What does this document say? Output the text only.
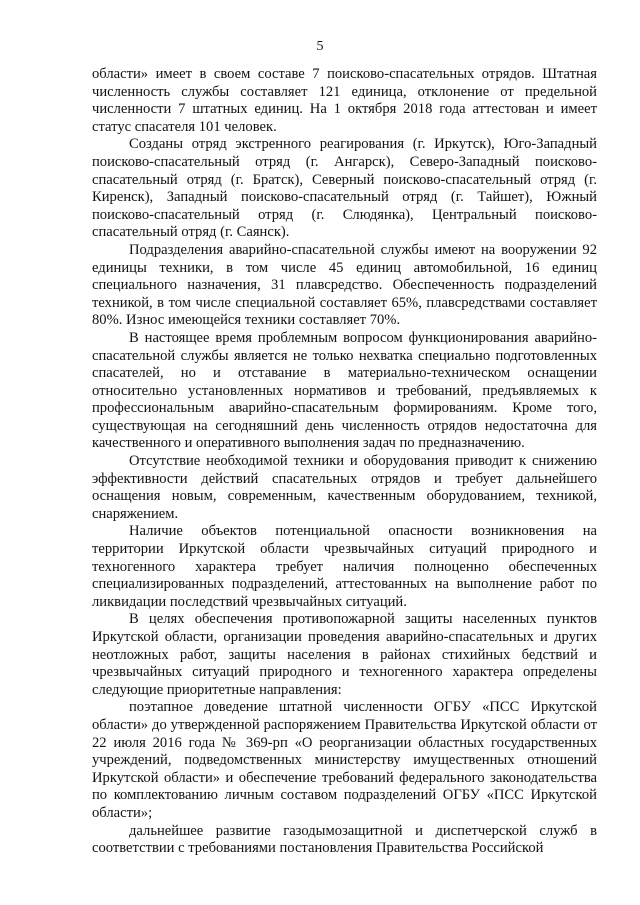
5

области» имеет в своем составе 7 поисково-спасательных отрядов. Штатная численность службы составляет 121 единица, отклонение от предельной численности 7 штатных единиц. На 1 октября 2018 года аттестован и имеет статус спасателя 101 человек.

Созданы отряд экстренного реагирования (г. Иркутск), Юго-Западный поисково-спасательный отряд (г. Ангарск), Северо-Западный поисково-спасательный отряд (г. Братск), Северный поисково-спасательный отряд (г. Киренск), Западный поисково-спасательный отряд (г. Тайшет), Южный поисково-спасательный отряд (г. Слюдянка), Центральный поисково-спасательный отряд (г. Саянск).

Подразделения аварийно-спасательной службы имеют на вооружении 92 единицы техники, в том числе 45 единиц автомобильной, 16 единиц специального назначения, 31 плавсредство. Обеспеченность подразделений техникой, в том числе специальной составляет 65%, плавсредствами составляет 80%. Износ имеющейся техники составляет 70%.

В настоящее время проблемным вопросом функционирования аварийно-спасательной службы является не только нехватка специально подготовленных спасателей, но и отставание в материально-техническом оснащении относительно установленных нормативов и требований, предъявляемых к профессиональным аварийно-спасательным формированиям. Кроме того, существующая на сегодняшний день численность отрядов недостаточна для качественного и оперативного выполнения задач по предназначению.

Отсутствие необходимой техники и оборудования приводит к снижению эффективности действий спасательных отрядов и требует дальнейшего оснащения новым, современным, качественным оборудованием, техникой, снаряжением.

Наличие объектов потенциальной опасности возникновения на территории Иркутской области чрезвычайных ситуаций природного и техногенного характера требует наличия полноценно обеспеченных специализированных подразделений, аттестованных на выполнение работ по ликвидации последствий чрезвычайных ситуаций.

В целях обеспечения противопожарной защиты населенных пунктов Иркутской области, организации проведения аварийно-спасательных и других неотложных работ, защиты населения в районах стихийных бедствий и чрезвычайных ситуаций природного и техногенного характера определены следующие приоритетные направления:

поэтапное доведение штатной численности ОГБУ «ПСС Иркутской области» до утвержденной распоряжением Правительства Иркутской области от 22 июля 2016 года № 369-рп «О реорганизации областных государственных учреждений, подведомственных министерству имущественных отношений Иркутской области» и обеспечение требований федерального законодательства по комплектованию личным составом подразделений ОГБУ «ПСС Иркутской области»;

дальнейшее развитие газодымозащитной и диспетчерской служб в соответствии с требованиями постановления Правительства Российской
